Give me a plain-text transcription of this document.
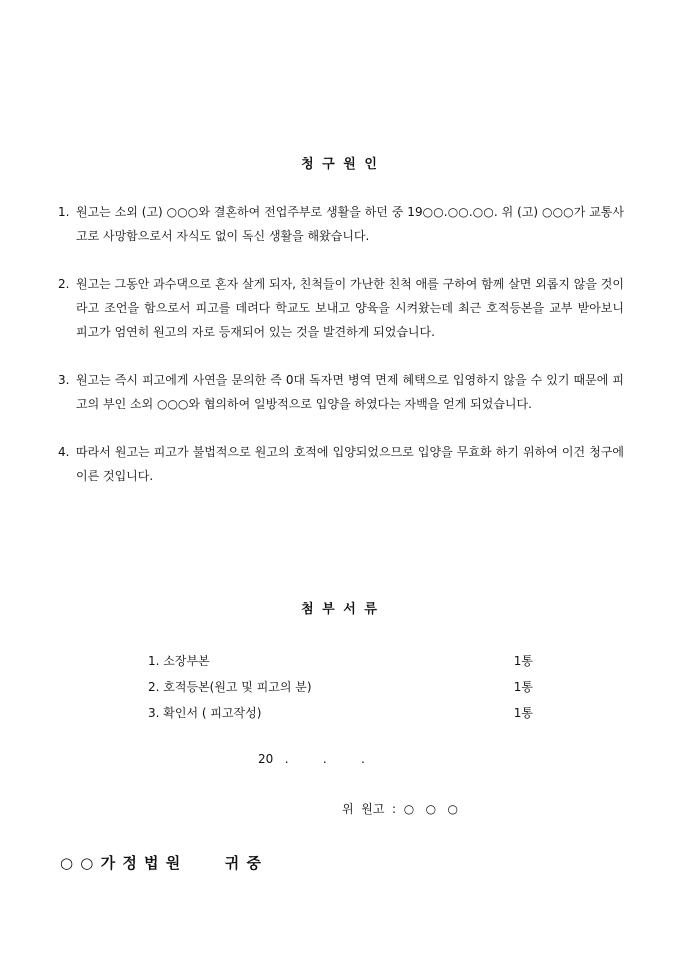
청 구 원 인
1. 원고는 소외 (고) ○○○와 결혼하여 전업주부로 생활을 하던 중 19○○.○○.○○. 위 (고) ○○○가 교통사고로 사망함으로서 자식도 없이 독신 생활을 해왔습니다.
2. 원고는 그동안 과수댁으로 혼자 살게 되자, 친척들이 가난한 친척 애를 구하여 함께 살면 외롭지 않을 것이라고 조언을 함으로서 피고를 데려다 학교도 보내고 양육을 시켜왔는데 최근 호적등본을 교부 받아보니 피고가 엄연히 원고의 자로 등재되어 있는 것을 발견하게 되었습니다.
3. 원고는 즉시 피고에게 사연을 문의한 즉 0대 독자면 병역 면제 혜택으로 입영하지 않을 수 있기 때문에 피고의 부인 소외 ○○○와 협의하여 일방적으로 입양을 하였다는 자백을 얻게 되었습니다.
4. 따라서 원고는 피고가 불법적으로 원고의 호적에 입양되었으므로 입양을 무효화 하기 위하여 이건 청구에 이른 것입니다.
첨 부 서 류
1. 소장부본	1통
2. 호적등본(원고 및 피고의 분)	1통
3. 확인서 ( 피고작성)	1통
20   .         .         .
위  원고  :  ○   ○   ○
○ ○ 가 정 법 원       귀 중
